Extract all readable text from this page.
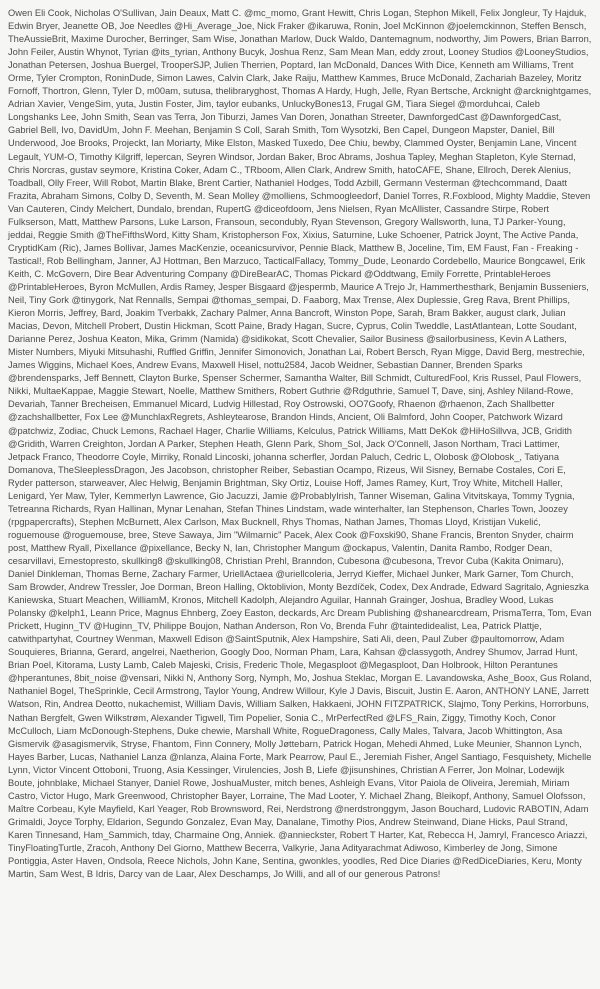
Owen Eli Cook, Nicholas O'Sullivan, Jain Deaux, Matt C. @mc_momo, Grant Hewitt, Chris Logan, Stephon Mikell, Felix Jongleur, Ty Hajduk, Edwin Bryer, Jeanette OB, Joe Needles @Hi_Average_Joe, Nick Fraker @ikaruwa, Ronin, Joel McKinnon @joelemckinnon, Steffen Bensch, TheAussieBrit, Maxime Durocher, Berringer, Sam Wise, Jonathan Marlow, Duck Waldo, Dantemagnum, nodworthy, Jim Powers, Brian Barron, John Feiler, Austin Whynot, Tyrian @its_tyrian, Anthony Bucyk, Joshua Renz, Sam Mean Man, eddy zrout, Looney Studios @LooneyStudios, Jonathan Petersen, Joshua Buergel, TrooperSJP, Julien Therrien, Poptard, Ian McDonald, Dances With Dice, Kenneth am Williams, Trent Orme, Tyler Crompton, RoninDude, Simon Lawes, Calvin Clark, Jake Raiju, Matthew Kammes, Bruce McDonald, Zachariah Bazeley, Moritz Fornoff, Thortron, Glenn, Tyler D, m00am, sutusa, thelibraryghost, Thomas A Hardy, Hugh, Jelle, Ryan Bertsche, Arcknight @arcknightgames, Adrian Xavier, VengeSim, yuta, Justin Foster, Jim, taylor eubanks, UnluckyBones13, Frugal GM, Tiara Siegel @morduhcai, Caleb Longshanks Lee, John Smith, Sean vas Terra, Jon Tiburzi, James Van Doren, Jonathan Streeter, DawnforgedCast @DawnforgedCast, Gabriel Bell, Ivo, DavidUm, John F. Meehan, Benjamin S Coll, Sarah Smith, Tom Wysotzki, Ben Capel, Dungeon Mapster, Daniel, Bill Underwood, Joe Brooks, Projeckt, Ian Moriarty, Mike Elston, Masked Tuxedo, Dee Chiu, bewby, Clammed Oyster, Benjamin Lane, Vincent Legault, YUM-O, Timothy Kilgriff, lepercan, Seyren Windsor, Jordan Baker, Broc Abrams, Joshua Tapley, Meghan Stapleton, Kyle Sternad, Chris Norcras, gustav seymore, Kristina Coker, Adam C., TRboom, Allen Clark, Andrew Smith, hatoCAFE, Shane, Ellroch, Derek Alenius, Toadball, Olly Freer, Will Robot, Martin Blake, Brent Cartier, Nathaniel Hodges, Todd Azbill, Germann Vesterman @techcommand, Daatt Frazita, Abraham Simons, Colby D, Seventh, M. Sean Molley @molliens, Schmoogleedorf, Daniel Torres, R.Foxblood, Mighty Maddie, Steven Van Cauteren, Cindy Melchert, Dundalo, brendan, RupertG @diceofdoom, Jens Nielsen, Ryan McAllister, Cassandre Stirpe, Robert Fulkserson, Matt, Matthew Parsons, Luke Larson, Fransoun, secondubly, Ryan Stevenson, Gregory Wallsworth, luna, TJ Parker-Young, jeddai, Reggie Smith @TheFifthsWord, Kitty Sham, Kristopherson Fox, Xixius, Saturnine, Luke Schoener, Patrick Joynt, The Active Panda, CryptidKam (Ric), James Bollivar, James MacKenzie, oceanicsurvivor, Pennie Black, Matthew B, Joceline, Tim, EM Faust, Fan - Freaking - Tastical!, Rob Bellingham, Janner, AJ Hottman, Ben Marzuco, TacticalFallacy, Tommy_Dude, Leonardo Cordebello, Maurice Bongcawel, Erik Keith, C. McGovern, Dire Bear Adventuring Company @DireBearAC, Thomas Pickard @Oddtwang, Emily Forrette, PrintableHeroes @PrintableHeroes, Byron McMullen, Ardis Ramey, Jesper Bisgaard @jespermb, Maurice A Trejo Jr, Hammerthesthark, Benjamin Busseniers, Neil, Tiny Gork @tinygork, Nat Rennalls, Sempai @thomas_sempai, D. Faaborg, Max Trense, Alex Duplessie, Greg Rava, Brent Phillips, Kieron Morris, Jeffrey, Bard, Joakim Tverbakk, Zachary Palmer, Anna Bancroft, Winston Pope, Sarah, Bram Bakker, august clark, Julian Macias, Devon, Mitchell Probert, Dustin Hickman, Scott Paine, Brady Hagan, Sucre, Cyprus, Colin Tweddle, LastAtlantean, Lotte Soudant, Darianne Perez, Joshua Keaton, Mika, Grimm (Namida) @sidikokat, Scott Chevalier, Sailor Business @sailorbusiness, Kevin A Lathers, Mister Numbers, Miyuki Mitsuhashi, Ruffled Griffin, Jennifer Simonovich, Jonathan Lai, Robert Bersch, Ryan Migge, David Berg, mestrechie, James Wiggins, Michael Koes, Andrew Evans, Maxwell Hisel, nottu2584, Jacob Weidner, Sebastian Danner, Brenden Sparks @brendensparks, Jeff Bennett, Clayton Burke, Spenser Schermer, Samantha Walter, Bill Schmidt, CulturedFool, Kris Russel, Paul Flowers, Nikki, MultaeKappae, Maggie Stewart, Noelle, Matthew Smithers, Robert Guthrie @Rdguthrie, Samuel T, Dave, sinj, Ashley Niland-Rowe, Devariah, Tanner Brecheisen, Emmanuel Micard, Ludvig Hillestad, Roy Ostrowski, OO7Goofy, Rhaenon @rhaenon, Zach Shallbetter @zachshallbetter, Fox Lee @MunchlaxRegrets, Ashleytearose, Brandon Hinds, Ancient, Oli Balmford, John Cooper, Patchwork Wizard @patchwiz, Zodiac, Chuck Lemons, Rachael Hager, Charlie Williams, Kelculus, Patrick Williams, Matt DeKok @HiHoSillvva, JCB, Gridith @Gridith, Warren Creighton, Jordan A Parker, Stephen Heath, Glenn Park, Shom_Sol, Jack O'Connell, Jason Northam, Traci Lattimer, Jetpack Franco, Theodorre Coyle, Mirriky, Ronald Lincoski, johanna scherfler, Jordan Paluch, Cedric L, Olobosk @Olobosk_, Tatiyana Domanova, TheSleeplessDragon, Jes Jacobson, christopher Reiber, Sebastian Ocampo, Rizeus, Wil Sisney, Bernabe Costales, Cori E, Ryder patterson, starweaver, Alec Helwig, Benjamin Brightman, Sky Ortiz, Louise Hoff, James Ramey, Kurt, Troy White, Mitchell Haller, Lenigard, Yer Maw, Tyler, Kemmerlyn Lawrence, Gio Jacuzzi, Jamie @ProbablyIrish, Tanner Wiseman, Galina Vitvitskaya, Tommy Tygnia, Tetreanna Richards, Ryan Hallinan, Mynar Lenahan, Stefan Thines Lindstam, wade winterhalter, Ian Stephenson, Charles Town, Joozey (rpgpapercrafts), Stephen McBurnett, Alex Carlson, Max Bucknell, Rhys Thomas, Nathan James, Thomas Lloyd, Kristijan Vukelić, roguemouse @roguemouse, bree, Steve Sawaya, Jim "Wilmarnic" Pacek, Alex Cook @Foxski90, Shane Francis, Brenton Snyder, chairm post, Matthew Ryall, Pixellance @pixellance, Becky N, Ian, Christopher Mangum @ockapus, Valentin, Danita Rambo, Rodger Dean, cesarvillavi, Ernestopresto, skullking8 @skullking08, Christian Prehl, Branndon, Cubesona @cubesona, Trevor Cuba (Kakita Onimaru), Daniel Dinkleman, Thomas Berne, Zachary Farmer, UriellActaea @uriellcoleria, Jerryd Kieffer, Michael Junker, Mark Garner, Tom Church, Sam Browder, Andrew Tressler, Joe Dorman, Breon Halling, Oktoblivion, Monty Bezdíček, Codex, Dex Andrade, Edward Sagritalo, Agnieszka Kaniewska, Stuart Meachen, WilliamM, Kronos, Mitchell Kadolph, Alejandro Aguilar, Hannah Grainger, Joshua, Bradley Wood, Lukas Polansky @kelph1, Leann Price, Magnus Ehnberg, Zoey Easton, deckards, Arc Dream Publishing @shanearcdream, PrismaTerra, Tom, Evan Prickett, Huginn_TV @Huginn_TV, Philippe Boujon, Nathan Anderson, Ron Vo, Brenda Fuhr @taintedidealist, Lea, Patrick Plattje, catwithpartyhat, Courtney Wenman, Maxwell Edison @SaintSputnik, Alex Hampshire, Sati Ali, deen, Paul Zuber @paultomorrow, Adam Souquieres, Brianna, Gerard, angelrei, Naetherion, Googly Doo, Norman Pham, Lara, Kahsan @classygoth, Andrey Shumov, Jarrad Hunt, Brian Poel, Kitorama, Lusty Lamb, Caleb Majeski, Crisis, Frederic Thole, Megasploot @Megasploot, Dan Holbrook, Hilton Perantunes @hperantunes, 8bit_noise @vensari, Nikki N, Anthony Sorg, Nymph, Mo, Joshua Steklac, Morgan E. Lavandowska, Ashe_Boox, Gus Roland, Nathaniel Bogel, TheSprinkle, Cecil Armstrong, Taylor Young, Andrew Willour, Kyle J Davis, Biscuit, Justin E. Aaron, ANTHONY LANE, Jarrett Watson, Rin, Andrea Deotto, nukachemist, William Davis, William Salken, Hakkaeni, JOHN FITZPATRICK, Slajmo, Tony Perkins, Horrorbuns, Nathan Bergfelt, Gwen Wilkstrøm, Alexander Tigwell, Tim Popelier, Sonia C., MrPerfectRed @LFS_Rain, Ziggy, Timothy Koch, Conor McCulloch, Liam McDonough-Stephens, Duke chewie, Marshall White, RogueDragoness, Cally Males, Talvara, Jacob Whittington, Asa Gismervik @asagismervik, Stryse, Fhantom, Finn Connery, Molly Jøttebarn, Patrick Hogan, Mehedi Ahmed, Luke Meunier, Shannon Lynch, Hayes Barber, Lucas, Nathaniel Lanza @nlanza, Alaina Forte, Mark Pearrow, Paul E., Jeremiah Fisher, Angel Santiago, Fesquishety, Michelle Lynn, Victor Vincent Ottoboni, Truong, Asia Kessinger, Virulencies, Josh B, Liefe @jisunshines, Christian A Ferrer, Jon Molnar, Lodewijk Boute, johnblake, Michael Stanyer, Daniel Rowe, JoshuaMuster, mitch benes, Ashleigh Evans, Vitor Paiola de Oliveira, Jeremiah, Miriam Castro, Victor Hugo, Mark Greenwood, Christopher Bayer, Lorraine, The Mad Looter, Y. Michael Zhang, Bleikopf, Anthony, Samuel Olofsson, Maître Corbeau, Kyle Mayfield, Karl Yeager, Rob Brownsword, Rei, Nerdstrong @nerdstronggym, Jason Bouchard, Ludovic RABOTIN, Adam Grimaldi, Joyce Torphy, Eldarion, Segundo Gonzalez, Evan May, Danalane, Timothy Pios, Andrew Steinwand, Diane Hicks, Paul Strand, Karen Tinnesand, Ham_Sammich, tday, Charmaine Ong, Anniek. @annieckster, Robert T Harter, Kat, Rebecca H, Jamryl, Francesco Ariazzi, TinyFloatingTurtle, Zracoh, Anthony Del Giorno, Matthew Becerra, Valkyrie, Jana Adityarachmat Adiwoso, Kimberley de Jong, Simone Pontiggia, Aster Haven, Ondsola, Reece Nichols, John Kane, Sentina, gwonkles, yoodles, Red Dice Diaries @RedDiceDiaries, Keru, Monty Martin, Sam West, B Idris, Darcy van de Laar, Alex Deschamps, Jo Willi, and all of our generous Patrons!
